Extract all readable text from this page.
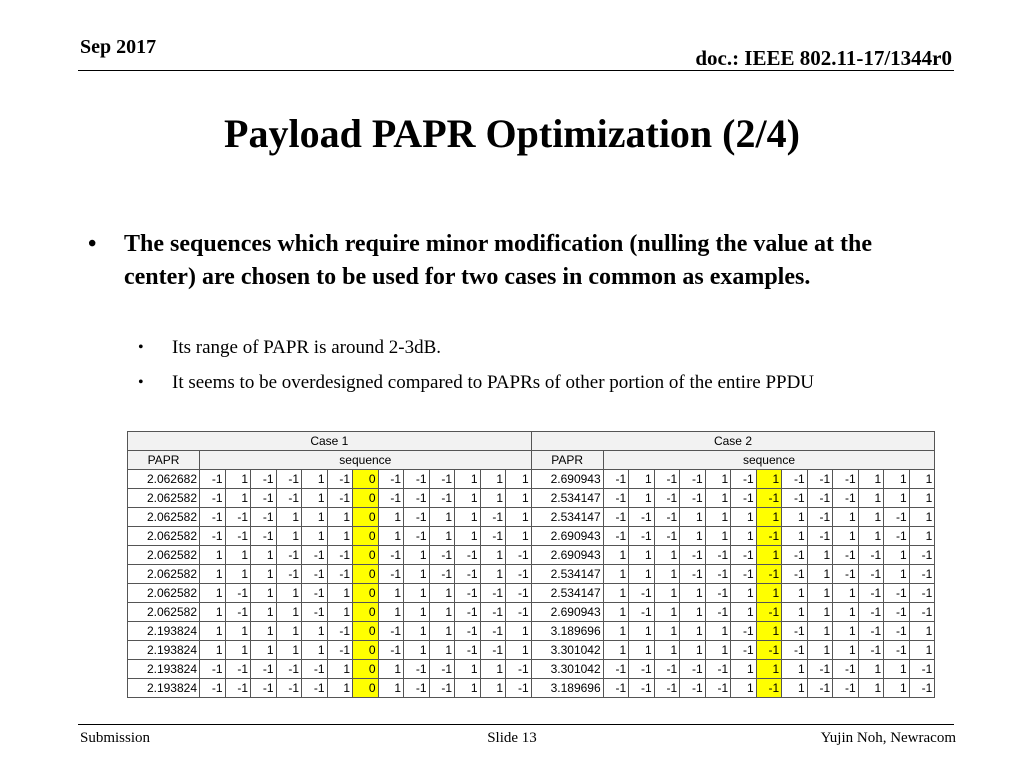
Sep 2017	doc.: IEEE 802.11-17/1344r0
Payload PAPR Optimization (2/4)
• The sequences which require minor modification (nulling the value at the center) are chosen to be used for two cases in common as examples.
• Its range of PAPR is around 2-3dB.
• It seems to be overdesigned compared to PAPRs of other portion of the entire PPDU
Case 1														Case 2													
PAPR	sequence													PAPR	sequence												
2.062682	-1	1	-1	-1	1	-1	0	-1	-1	-1	1	1	1	2.690943	-1	1	-1	-1	1	-1	1	-1	-1	-1	1	1	1
2.062582	-1	1	-1	-1	1	-1	0	-1	-1	-1	1	1	1	2.534147	-1	1	-1	-1	1	-1	-1	-1	-1	-1	1	1	1
2.062582	-1	-1	-1	1	1	1	0	1	-1	1	1	-1	1	2.534147	-1	-1	-1	1	1	1	1	1	-1	1	1	-1	1
2.062582	-1	-1	-1	1	1	1	0	1	-1	1	1	-1	1	2.690943	-1	-1	-1	1	1	1	-1	1	-1	1	1	-1	1
2.062582	1	1	1	-1	-1	-1	0	-1	1	-1	-1	1	-1	2.690943	1	1	1	-1	-1	-1	1	-1	1	-1	-1	1	-1
2.062582	1	1	1	-1	-1	-1	0	-1	1	-1	-1	1	-1	2.534147	1	1	1	-1	-1	-1	-1	-1	1	-1	-1	1	-1
2.062582	1	-1	1	1	-1	1	0	1	1	1	-1	-1	-1	2.534147	1	-1	1	1	-1	1	1	1	1	1	-1	-1	-1
2.062582	1	-1	1	1	-1	1	0	1	1	1	-1	-1	-1	2.690943	1	-1	1	1	-1	1	-1	1	1	1	-1	-1	-1
2.193824	1	1	1	1	1	-1	0	-1	1	1	-1	-1	1	3.189696	1	1	1	1	1	-1	1	-1	1	1	-1	-1	1
2.193824	1	1	1	1	1	-1	0	-1	1	1	-1	-1	1	3.301042	1	1	1	1	1	-1	-1	-1	1	1	-1	-1	1
2.193824	-1	-1	-1	-1	-1	1	0	1	-1	-1	1	1	-1	3.301042	-1	-1	-1	-1	-1	1	1	1	-1	-1	1	1	-1
2.193824	-1	-1	-1	-1	-1	1	0	1	-1	-1	1	1	-1	3.189696	-1	-1	-1	-1	-1	1	-1	1	-1	-1	1	1	-1
Submission	Slide 13	Yujin Noh, Newracom
